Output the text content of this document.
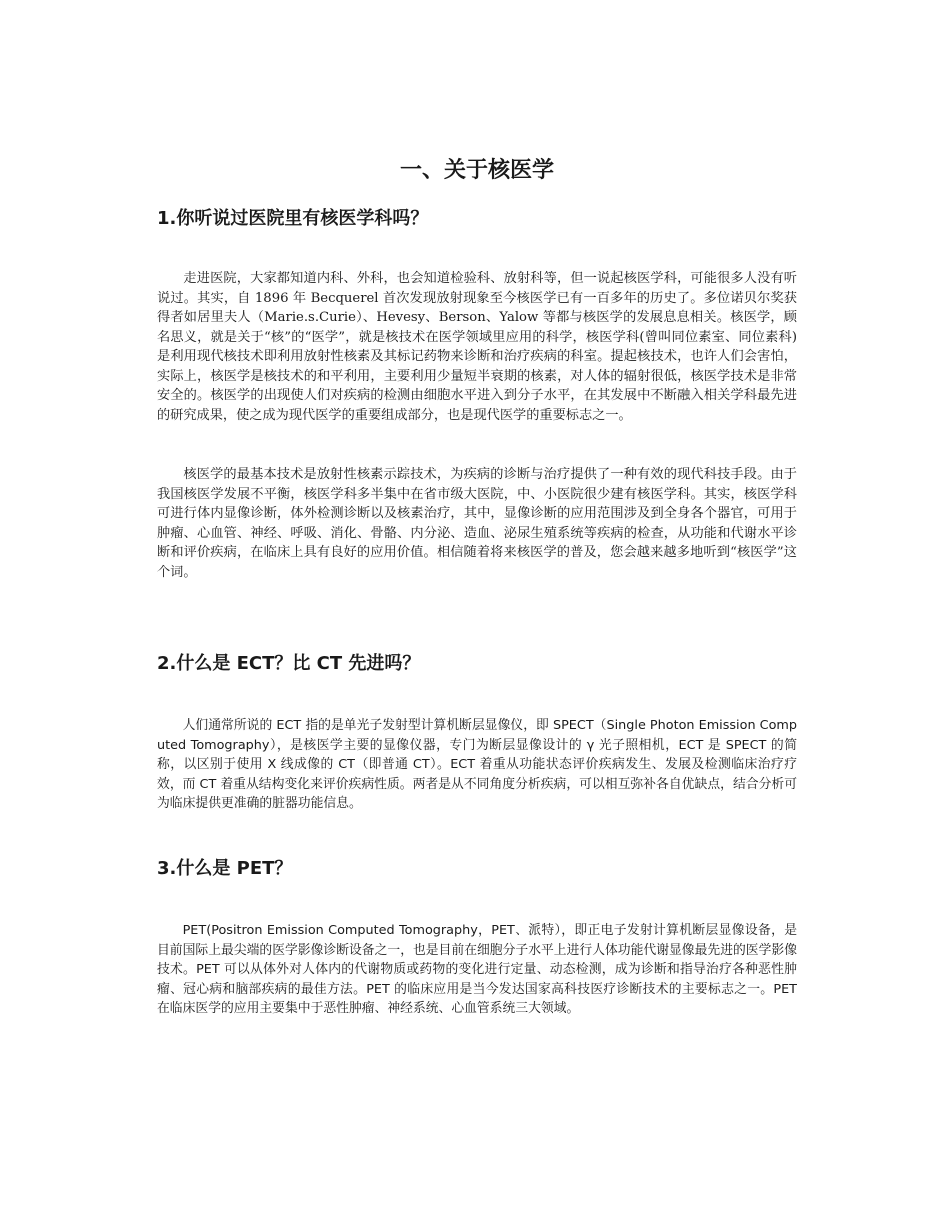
一、关于核医学
1.你听说过医院里有核医学科吗？

走进医院，大家都知道内科、外科，也会知道检验科、放射科等，但一说起核医学科，可能很多人没有听说过。其实，自 1896 年 Becquerel 首次发现放射现象至今核医学已有一百多年的历史了。多位诺贝尔奖获得者如居里夫人（Marie.s.Curie）、Hevesy、Berson、Yalow 等都与核医学的发展息息相关。核医学，顾名思义，就是关于“核”的“医学”，就是核技术在医学领域里应用的科学，核医学科(曾叫同位素室、同位素科)是利用现代核技术即利用放射性核素及其标记药物来诊断和治疗疾病的科室。提起核技术，也许人们会害怕，实际上，核医学是核技术的和平利用，主要利用少量短半衰期的核素，对人体的辐射很低，核医学技术是非常安全的。核医学的出现使人们对疾病的检测由细胞水平进入到分子水平，在其发展中不断融入相关学科最先进的研究成果，使之成为现代医学的重要组成部分，也是现代医学的重要标志之一。

核医学的最基本技术是放射性核素示踪技术，为疾病的诊断与治疗提供了一种有效的现代科技手段。由于我国核医学发展不平衡，核医学科多半集中在省市级大医院，中、小医院很少建有核医学科。其实，核医学科可进行体内显像诊断，体外检测诊断以及核素治疗，其中，显像诊断的应用范围涉及到全身各个器官，可用于肿瘤、心血管、神经、呼吸、消化、骨骼、内分泌、造血、泌尿生殖系统等疾病的检查，从功能和代谢水平诊断和评价疾病，在临床上具有良好的应用价值。相信随着将来核医学的普及，您会越来越多地听到“核医学”这个词。

2.什么是 ECT？比 CT 先进吗？

人们通常所说的 ECT 指的是单光子发射型计算机断层显像仪，即 SPECT（Single Photon Emission Computed Tomography），是核医学主要的显像仪器，专门为断层显像设计的 γ 光子照相机，ECT 是 SPECT 的简称，以区别于使用 X 线成像的 CT（即普通 CT）。ECT 着重从功能状态评价疾病发生、发展及检测临床治疗疗效，而 CT 着重从结构变化来评价疾病性质。两者是从不同角度分析疾病，可以相互弥补各自优缺点，结合分析可为临床提供更准确的脏器功能信息。

3.什么是 PET？

PET(Positron Emission Computed Tomography，PET、派特），即正电子发射计算机断层显像设备，是目前国际上最尖端的医学影像诊断设备之一，也是目前在细胞分子水平上进行人体功能代谢显像最先进的医学影像技术。PET 可以从体外对人体内的代谢物质或药物的变化进行定量、动态检测，成为诊断和指导治疗各种恶性肿瘤、冠心病和脑部疾病的最佳方法。PET 的临床应用是当今发达国家高科技医疗诊断技术的主要标志之一。PET 在临床医学的应用主要集中于恶性肿瘤、神经系统、心血管系统三大领域。
